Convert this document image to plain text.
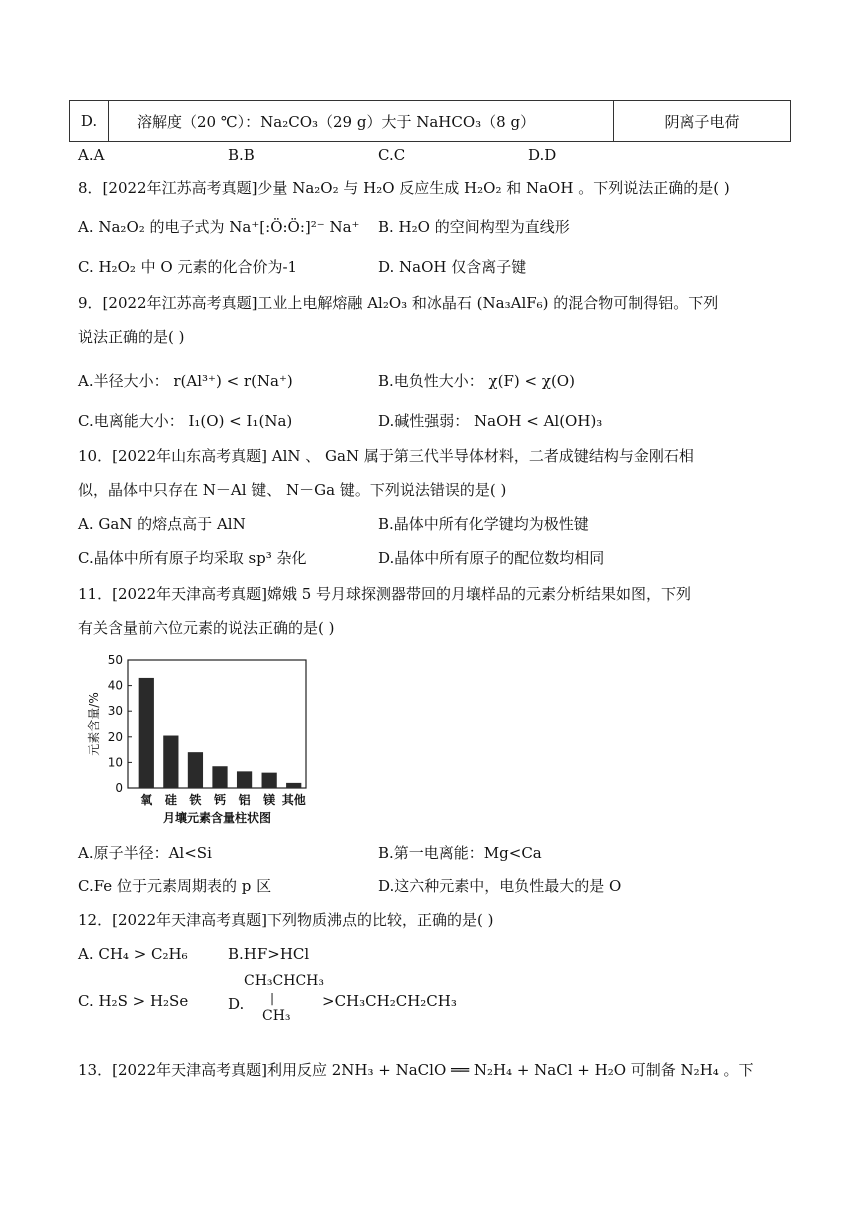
D.	溶解度（20 ℃）：Na₂CO₃（29 g）大于 NaHCO₃（8 g）	阴离子电荷
A.A	B.B	C.C	D.D
8．[2022年江苏高考真题]少量 Na₂O₂ 与 H₂O 反应生成 H₂O₂ 和 NaOH 。下列说法正确的是( )
A. Na₂O₂ 的电子式为 Na⁺[:Ö:Ö:]²⁻ Na⁺ B. H₂O 的空间构型为直线形
C. H₂O₂ 中 O 元素的化合价为-1	D. NaOH 仅含离子键
9．[2022年江苏高考真题]工业上电解熔融 Al₂O₃ 和冰晶石 (Na₃AlF₆) 的混合物可制得铝。下列
说法正确的是( )
A.半径大小： r(Al³⁺) < r(Na⁺)	B.电负性大小： χ(F) < χ(O)
C.电离能大小： I₁(O) < I₁(Na)	D.碱性强弱： NaOH < Al(OH)₃
10．[2022年山东高考真题] AlN 、 GaN 属于第三代半导体材料，二者成键结构与金刚石相
似，晶体中只存在 N－Al 键、 N－Ga 键。下列说法错误的是( )
A. GaN 的熔点高于 AlN	B.晶体中所有化学键均为极性键
C.晶体中所有原子均采取 sp³ 杂化	D.晶体中所有原子的配位数均相同
11．[2022年天津高考真题]嫦娥 5 号月球探测器带回的月壤样品的元素分析结果如图，下列
有关含量前六位元素的说法正确的是( )
0
10
20
30
40
50
元素含量/%
氧 硅 铁 钙 铝 镁 其他
月壤元素含量柱状图
A.原子半径：Al<Si	B.第一电离能：Mg<Ca
C.Fe 位于元素周期表的 p 区	D.这六种元素中，电负性最大的是 O
12．[2022年天津高考真题]下列物质沸点的比较，正确的是( )
A. CH₄ > C₂H₆	B.HF>HCl
C. H₂S > H₂Se	D.
CH₃CHCH₃
|
CH₃
>CH₃CH₂CH₂CH₃
13．[2022年天津高考真题]利用反应 2NH₃ + NaClO ══ N₂H₄ + NaCl + H₂O 可制备 N₂H₄ 。下
